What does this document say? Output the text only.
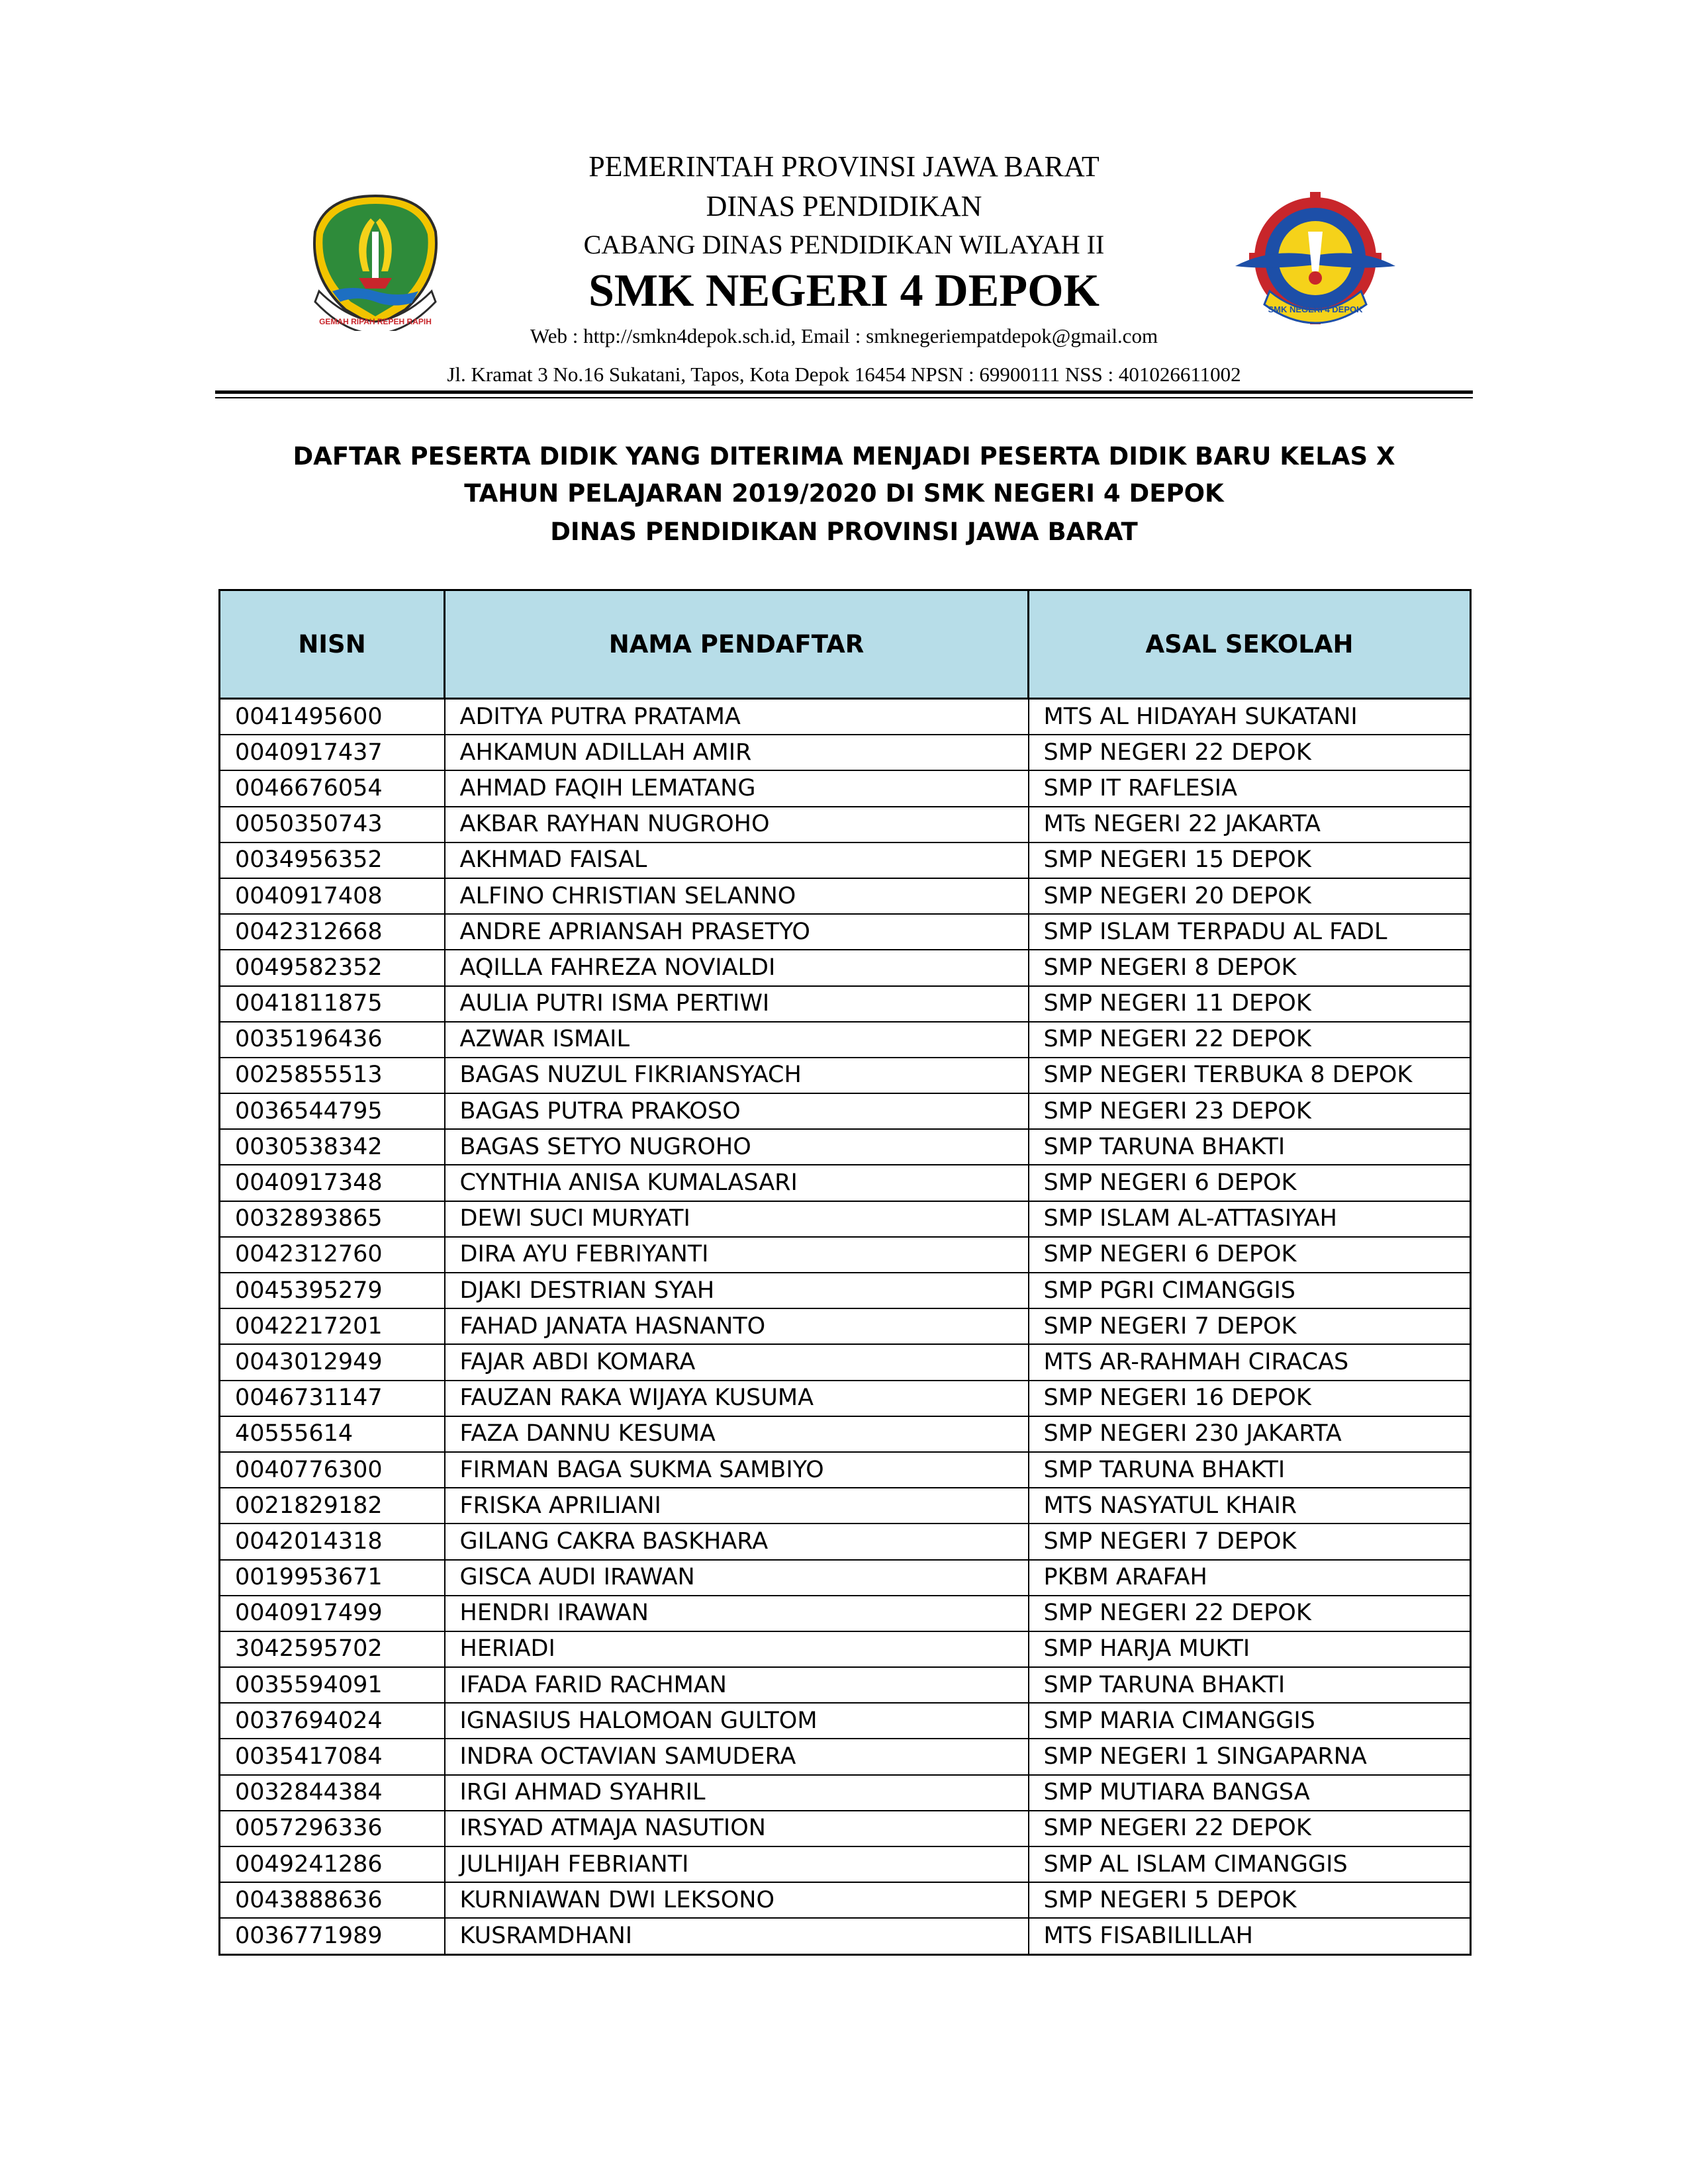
GEMAH RIPAH REPEH RAPIH
SMK NEGERI 4 DEPOK
PEMERINTAH PROVINSI JAWA BARAT
DINAS PENDIDIKAN
CABANG DINAS PENDIDIKAN WILAYAH II
SMK NEGERI 4 DEPOK
Web : http://smkn4depok.sch.id, Email : smknegeriempatdepok@gmail.com
Jl. Kramat 3 No.16 Sukatani, Tapos, Kota Depok 16454 NPSN : 69900111 NSS : 401026611002
DAFTAR PESERTA DIDIK YANG DITERIMA MENJADI PESERTA DIDIK BARU KELAS X
TAHUN PELAJARAN 2019/2020 DI SMK NEGERI 4 DEPOK
DINAS PENDIDIKAN PROVINSI JAWA BARAT
NISN	NAMA PENDAFTAR	ASAL SEKOLAH
0041495600	ADITYA PUTRA PRATAMA	MTS AL HIDAYAH SUKATANI
0040917437	AHKAMUN ADILLAH AMIR	SMP NEGERI 22 DEPOK
0046676054	AHMAD FAQIH LEMATANG	SMP IT RAFLESIA
0050350743	AKBAR RAYHAN NUGROHO	MTs NEGERI 22 JAKARTA
0034956352	AKHMAD FAISAL	SMP NEGERI 15 DEPOK
0040917408	ALFINO CHRISTIAN SELANNO	SMP NEGERI 20 DEPOK
0042312668	ANDRE APRIANSAH PRASETYO	SMP ISLAM TERPADU AL FADL
0049582352	AQILLA FAHREZA NOVIALDI	SMP NEGERI 8 DEPOK
0041811875	AULIA PUTRI ISMA PERTIWI	SMP NEGERI 11 DEPOK
0035196436	AZWAR ISMAIL	SMP NEGERI 22 DEPOK
0025855513	BAGAS NUZUL FIKRIANSYACH	SMP NEGERI TERBUKA 8 DEPOK
0036544795	BAGAS PUTRA PRAKOSO	SMP NEGERI 23 DEPOK
0030538342	BAGAS SETYO NUGROHO	SMP TARUNA BHAKTI
0040917348	CYNTHIA ANISA KUMALASARI	SMP NEGERI 6 DEPOK
0032893865	DEWI SUCI MURYATI	SMP ISLAM AL-ATTASIYAH
0042312760	DIRA AYU FEBRIYANTI	SMP NEGERI 6 DEPOK
0045395279	DJAKI DESTRIAN SYAH	SMP PGRI CIMANGGIS
0042217201	FAHAD JANATA HASNANTO	SMP NEGERI 7 DEPOK
0043012949	FAJAR ABDI KOMARA	MTS AR-RAHMAH CIRACAS
0046731147	FAUZAN RAKA WIJAYA KUSUMA	SMP NEGERI 16 DEPOK
40555614	FAZA DANNU KESUMA	SMP NEGERI 230 JAKARTA
0040776300	FIRMAN BAGA SUKMA SAMBIYO	SMP TARUNA BHAKTI
0021829182	FRISKA APRILIANI	MTS NASYATUL KHAIR
0042014318	GILANG CAKRA BASKHARA	SMP NEGERI 7 DEPOK
0019953671	GISCA AUDI IRAWAN	PKBM ARAFAH
0040917499	HENDRI IRAWAN	SMP NEGERI 22 DEPOK
3042595702	HERIADI	SMP HARJA MUKTI
0035594091	IFADA FARID RACHMAN	SMP TARUNA BHAKTI
0037694024	IGNASIUS HALOMOAN GULTOM	SMP MARIA CIMANGGIS
0035417084	INDRA OCTAVIAN SAMUDERA	SMP NEGERI 1 SINGAPARNA
0032844384	IRGI AHMAD SYAHRIL	SMP MUTIARA BANGSA
0057296336	IRSYAD ATMAJA NASUTION	SMP NEGERI 22 DEPOK
0049241286	JULHIJAH FEBRIANTI	SMP AL ISLAM CIMANGGIS
0043888636	KURNIAWAN DWI LEKSONO	SMP NEGERI 5 DEPOK
0036771989	KUSRAMDHANI	MTS FISABILILLAH
